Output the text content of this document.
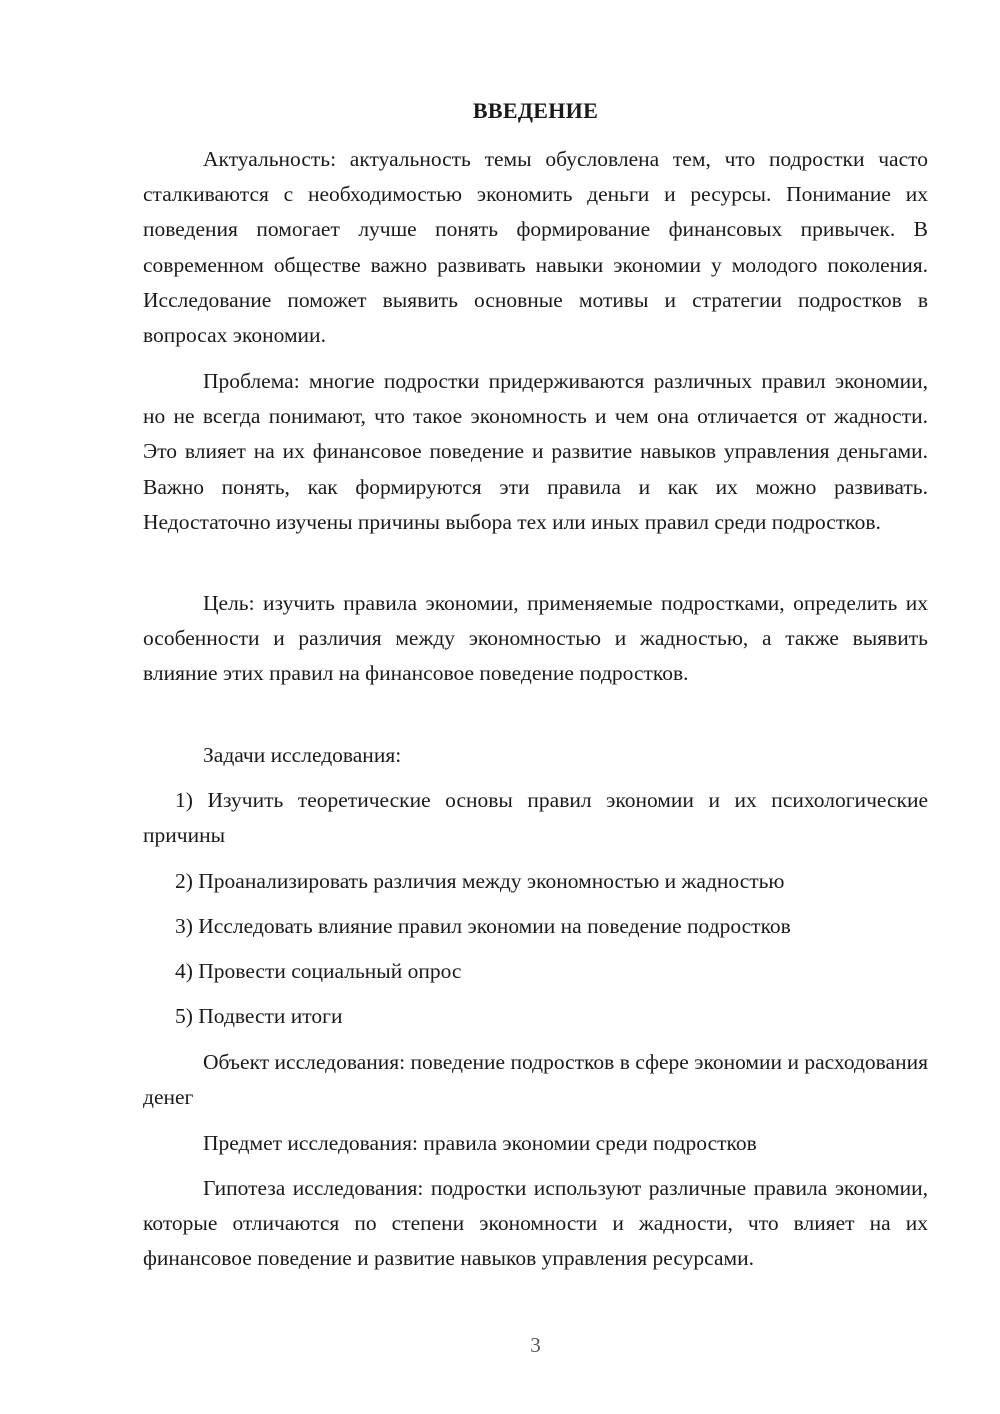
ВВЕДЕНИЕ

Актуальность: актуальность темы обусловлена тем, что подростки часто сталкиваются с необходимостью экономить деньги и ресурсы. Понимание их поведения помогает лучше понять формирование финансовых привычек. В современном обществе важно развивать навыки экономии у молодого поколения. Исследование поможет выявить основные мотивы и стратегии подростков в вопросах экономии.

Проблема: многие подростки придерживаются различных правил экономии, но не всегда понимают, что такое экономность и чем она отличается от жадности. Это влияет на их финансовое поведение и развитие навыков управления деньгами. Важно понять, как формируются эти правила и как их можно развивать. Недостаточно изучены причины выбора тех или иных правил среди подростков.

Цель: изучить правила экономии, применяемые подростками, определить их особенности и различия между экономностью и жадностью, а также выявить влияние этих правил на финансовое поведение подростков.

Задачи исследования:

1) Изучить теоретические основы правил экономии и их психологические причины

2) Проанализировать различия между экономностью и жадностью

3) Исследовать влияние правил экономии на поведение подростков

4) Провести социальный опрос

5) Подвести итоги

Объект исследования: поведение подростков в сфере экономии и расходования денег

Предмет исследования: правила экономии среди подростков

Гипотеза исследования: подростки используют различные правила экономии, которые отличаются по степени экономности и жадности, что влияет на их финансовое поведение и развитие навыков управления ресурсами.

3
